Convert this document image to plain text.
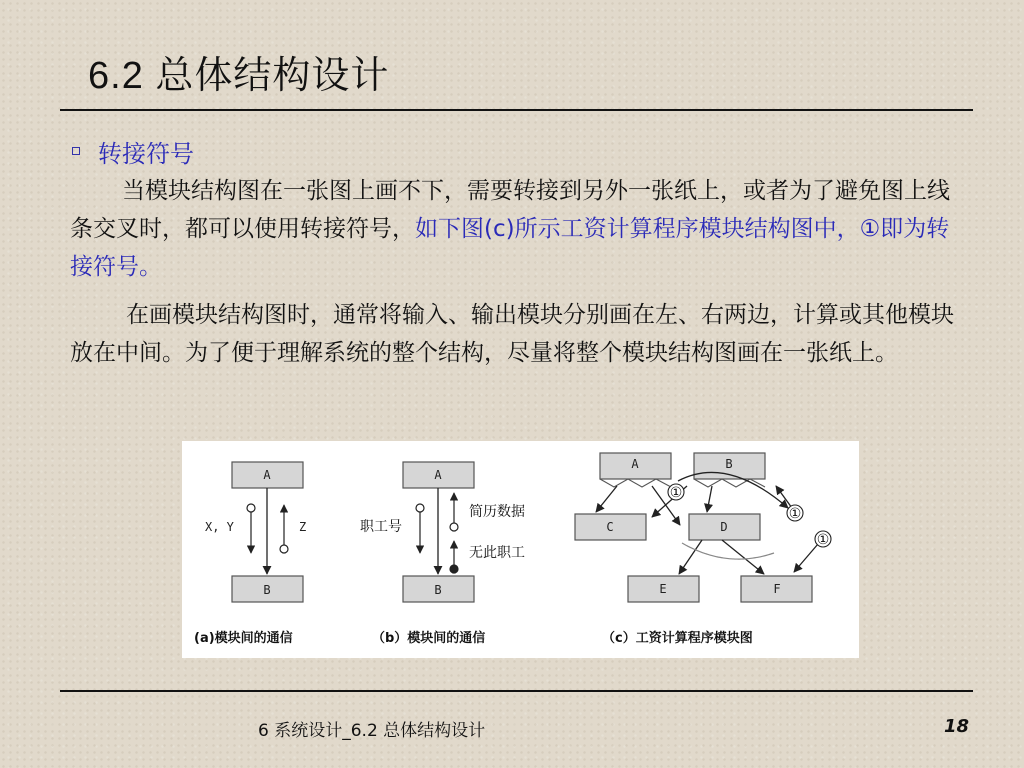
6.2 总体结构设计
转接符号
当模块结构图在一张图上画不下，需要转接到另外一张纸上，或者为了避免图上线条交叉时，都可以使用转接符号，如下图(c)所示工资计算程序模块结构图中，①即为转接符号。
在画模块结构图时，通常将输入、输出模块分别画在左、右两边，计算或其他模块放在中间。为了便于理解系统的整个结构，尽量将整个模块结构图画在一张纸上。
A
B
X, Y	Z
(a)模块间的通信
A
B
职工号
简历数据
无此职工
（b）模块间的通信
A	B
C	D
E	F
①
①
①
（c）工资计算程序模块图
6 系统设计_6.2 总体结构设计	18
